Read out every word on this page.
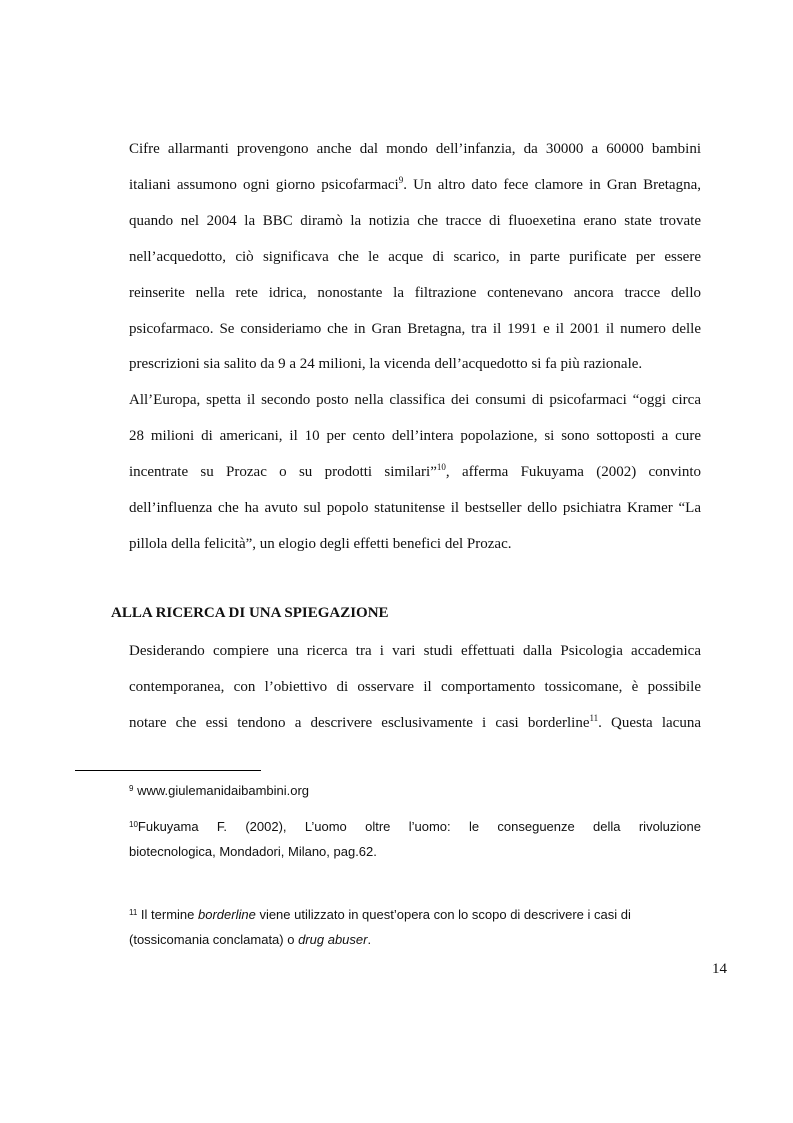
Cifre allarmanti provengono anche dal mondo dell’infanzia, da 30000 a 60000 bambini
italiani assumono ogni giorno psicofarmaci$^9$. Un altro dato fece clamore in Gran Bretagna,
quando nel 2004 la BBC diramò la notizia che tracce di fluoexetina erano state trovate
nell’acquedotto, ciò significava che le acque di scarico, in parte purificate per essere
reinserite nella rete idrica, nonostante la filtrazione contenevano ancora tracce dello
psicofarmaco. Se consideriamo che in Gran Bretagna, tra il 1991 e il 2001 il numero delle
prescrizioni sia salito da 9 a 24 milioni, la vicenda dell’acquedotto si fa più razionale.
All’Europa, spetta il secondo posto nella classifica dei consumi di psicofarmaci “oggi circa
28 milioni di americani, il 10 per cento dell’intera popolazione, si sono sottoposti a cure
incentrate su Prozac o su prodotti similari”$^{10}$, afferma Fukuyama (2002) convinto
dell’influenza che ha avuto sul popolo statunitense il bestseller dello psichiatra Kramer “La
pillola della felicità”, un elogio degli effetti benefici del Prozac.
ALLA RICERCA DI UNA SPIEGAZIONE
Desiderando compiere una ricerca tra i vari studi effettuati dalla Psicologia accademica
contemporanea, con l’obiettivo di osservare il comportamento tossicomane, è possibile
notare che essi tendono a descrivere esclusivamente i casi borderline$^{11}$. Questa lacuna
$^9$ www.giulemanidaibambini.org
$^{10}$Fukuyama F. (2002), L’uomo oltre l’uomo: le conseguenze della rivoluzione
biotecnologica, Mondadori, Milano, pag.62.
$^{11}$ Il termine borderline viene utilizzato in quest’opera con lo scopo di descrivere i casi di
(tossicomania conclamata) o drug abuser.
14
